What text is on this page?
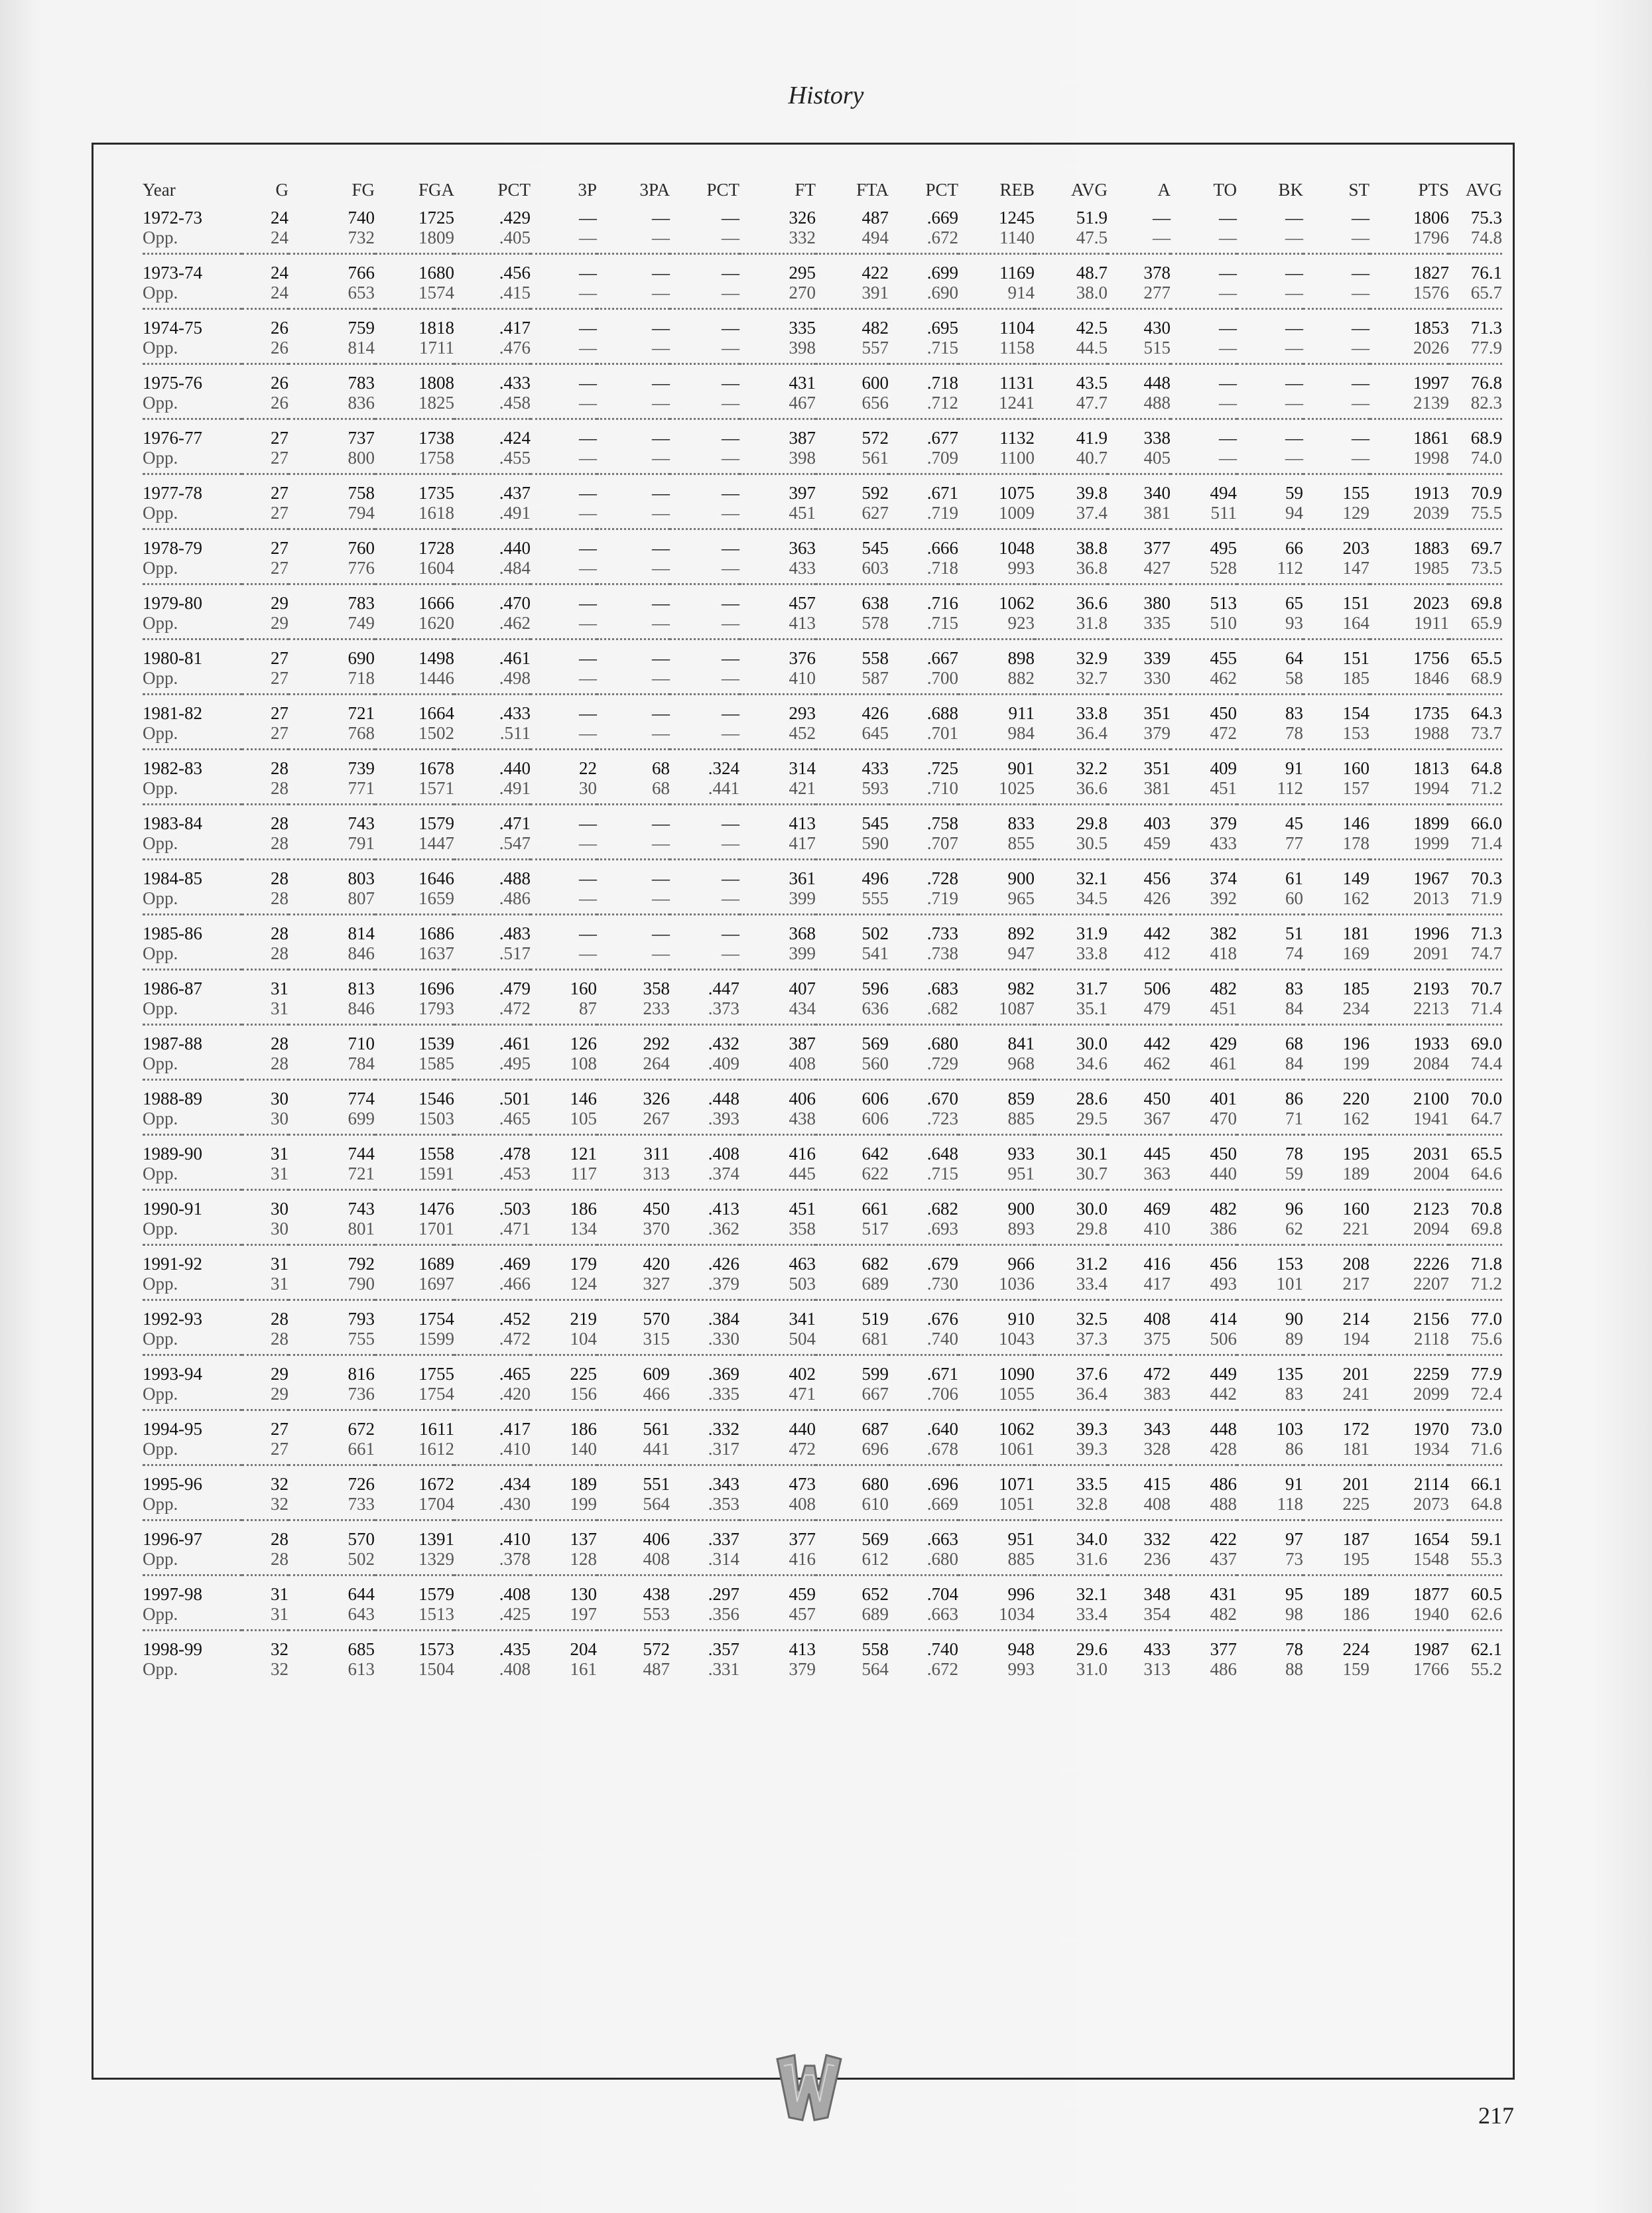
History
Year	G	FG	FGA	PCT	3P	3PA	PCT	FT	FTA	PCT	REB	AVG	A	TO	BK	ST	PTS	AVG
1972-73	24	740	1725	.429	—	—	—	326	487	.669	1245	51.9	—	—	—	—	1806	75.3
Opp.	24	732	1809	.405	—	—	—	332	494	.672	1140	47.5	—	—	—	—	1796	74.8
1973-74	24	766	1680	.456	—	—	—	295	422	.699	1169	48.7	378	—	—	—	1827	76.1
Opp.	24	653	1574	.415	—	—	—	270	391	.690	914	38.0	277	—	—	—	1576	65.7
1974-75	26	759	1818	.417	—	—	—	335	482	.695	1104	42.5	430	—	—	—	1853	71.3
Opp.	26	814	1711	.476	—	—	—	398	557	.715	1158	44.5	515	—	—	—	2026	77.9
1975-76	26	783	1808	.433	—	—	—	431	600	.718	1131	43.5	448	—	—	—	1997	76.8
Opp.	26	836	1825	.458	—	—	—	467	656	.712	1241	47.7	488	—	—	—	2139	82.3
1976-77	27	737	1738	.424	—	—	—	387	572	.677	1132	41.9	338	—	—	—	1861	68.9
Opp.	27	800	1758	.455	—	—	—	398	561	.709	1100	40.7	405	—	—	—	1998	74.0
1977-78	27	758	1735	.437	—	—	—	397	592	.671	1075	39.8	340	494	59	155	1913	70.9
Opp.	27	794	1618	.491	—	—	—	451	627	.719	1009	37.4	381	511	94	129	2039	75.5
1978-79	27	760	1728	.440	—	—	—	363	545	.666	1048	38.8	377	495	66	203	1883	69.7
Opp.	27	776	1604	.484	—	—	—	433	603	.718	993	36.8	427	528	112	147	1985	73.5
1979-80	29	783	1666	.470	—	—	—	457	638	.716	1062	36.6	380	513	65	151	2023	69.8
Opp.	29	749	1620	.462	—	—	—	413	578	.715	923	31.8	335	510	93	164	1911	65.9
1980-81	27	690	1498	.461	—	—	—	376	558	.667	898	32.9	339	455	64	151	1756	65.5
Opp.	27	718	1446	.498	—	—	—	410	587	.700	882	32.7	330	462	58	185	1846	68.9
1981-82	27	721	1664	.433	—	—	—	293	426	.688	911	33.8	351	450	83	154	1735	64.3
Opp.	27	768	1502	.511	—	—	—	452	645	.701	984	36.4	379	472	78	153	1988	73.7
1982-83	28	739	1678	.440	22	68	.324	314	433	.725	901	32.2	351	409	91	160	1813	64.8
Opp.	28	771	1571	.491	30	68	.441	421	593	.710	1025	36.6	381	451	112	157	1994	71.2
1983-84	28	743	1579	.471	—	—	—	413	545	.758	833	29.8	403	379	45	146	1899	66.0
Opp.	28	791	1447	.547	—	—	—	417	590	.707	855	30.5	459	433	77	178	1999	71.4
1984-85	28	803	1646	.488	—	—	—	361	496	.728	900	32.1	456	374	61	149	1967	70.3
Opp.	28	807	1659	.486	—	—	—	399	555	.719	965	34.5	426	392	60	162	2013	71.9
1985-86	28	814	1686	.483	—	—	—	368	502	.733	892	31.9	442	382	51	181	1996	71.3
Opp.	28	846	1637	.517	—	—	—	399	541	.738	947	33.8	412	418	74	169	2091	74.7
1986-87	31	813	1696	.479	160	358	.447	407	596	.683	982	31.7	506	482	83	185	2193	70.7
Opp.	31	846	1793	.472	87	233	.373	434	636	.682	1087	35.1	479	451	84	234	2213	71.4
1987-88	28	710	1539	.461	126	292	.432	387	569	.680	841	30.0	442	429	68	196	1933	69.0
Opp.	28	784	1585	.495	108	264	.409	408	560	.729	968	34.6	462	461	84	199	2084	74.4
1988-89	30	774	1546	.501	146	326	.448	406	606	.670	859	28.6	450	401	86	220	2100	70.0
Opp.	30	699	1503	.465	105	267	.393	438	606	.723	885	29.5	367	470	71	162	1941	64.7
1989-90	31	744	1558	.478	121	311	.408	416	642	.648	933	30.1	445	450	78	195	2031	65.5
Opp.	31	721	1591	.453	117	313	.374	445	622	.715	951	30.7	363	440	59	189	2004	64.6
1990-91	30	743	1476	.503	186	450	.413	451	661	.682	900	30.0	469	482	96	160	2123	70.8
Opp.	30	801	1701	.471	134	370	.362	358	517	.693	893	29.8	410	386	62	221	2094	69.8
1991-92	31	792	1689	.469	179	420	.426	463	682	.679	966	31.2	416	456	153	208	2226	71.8
Opp.	31	790	1697	.466	124	327	.379	503	689	.730	1036	33.4	417	493	101	217	2207	71.2
1992-93	28	793	1754	.452	219	570	.384	341	519	.676	910	32.5	408	414	90	214	2156	77.0
Opp.	28	755	1599	.472	104	315	.330	504	681	.740	1043	37.3	375	506	89	194	2118	75.6
1993-94	29	816	1755	.465	225	609	.369	402	599	.671	1090	37.6	472	449	135	201	2259	77.9
Opp.	29	736	1754	.420	156	466	.335	471	667	.706	1055	36.4	383	442	83	241	2099	72.4
1994-95	27	672	1611	.417	186	561	.332	440	687	.640	1062	39.3	343	448	103	172	1970	73.0
Opp.	27	661	1612	.410	140	441	.317	472	696	.678	1061	39.3	328	428	86	181	1934	71.6
1995-96	32	726	1672	.434	189	551	.343	473	680	.696	1071	33.5	415	486	91	201	2114	66.1
Opp.	32	733	1704	.430	199	564	.353	408	610	.669	1051	32.8	408	488	118	225	2073	64.8
1996-97	28	570	1391	.410	137	406	.337	377	569	.663	951	34.0	332	422	97	187	1654	59.1
Opp.	28	502	1329	.378	128	408	.314	416	612	.680	885	31.6	236	437	73	195	1548	55.3
1997-98	31	644	1579	.408	130	438	.297	459	652	.704	996	32.1	348	431	95	189	1877	60.5
Opp.	31	643	1513	.425	197	553	.356	457	689	.663	1034	33.4	354	482	98	186	1940	62.6
1998-99	32	685	1573	.435	204	572	.357	413	558	.740	948	29.6	433	377	78	224	1987	62.1
Opp.	32	613	1504	.408	161	487	.331	379	564	.672	993	31.0	313	486	88	159	1766	55.2
217
